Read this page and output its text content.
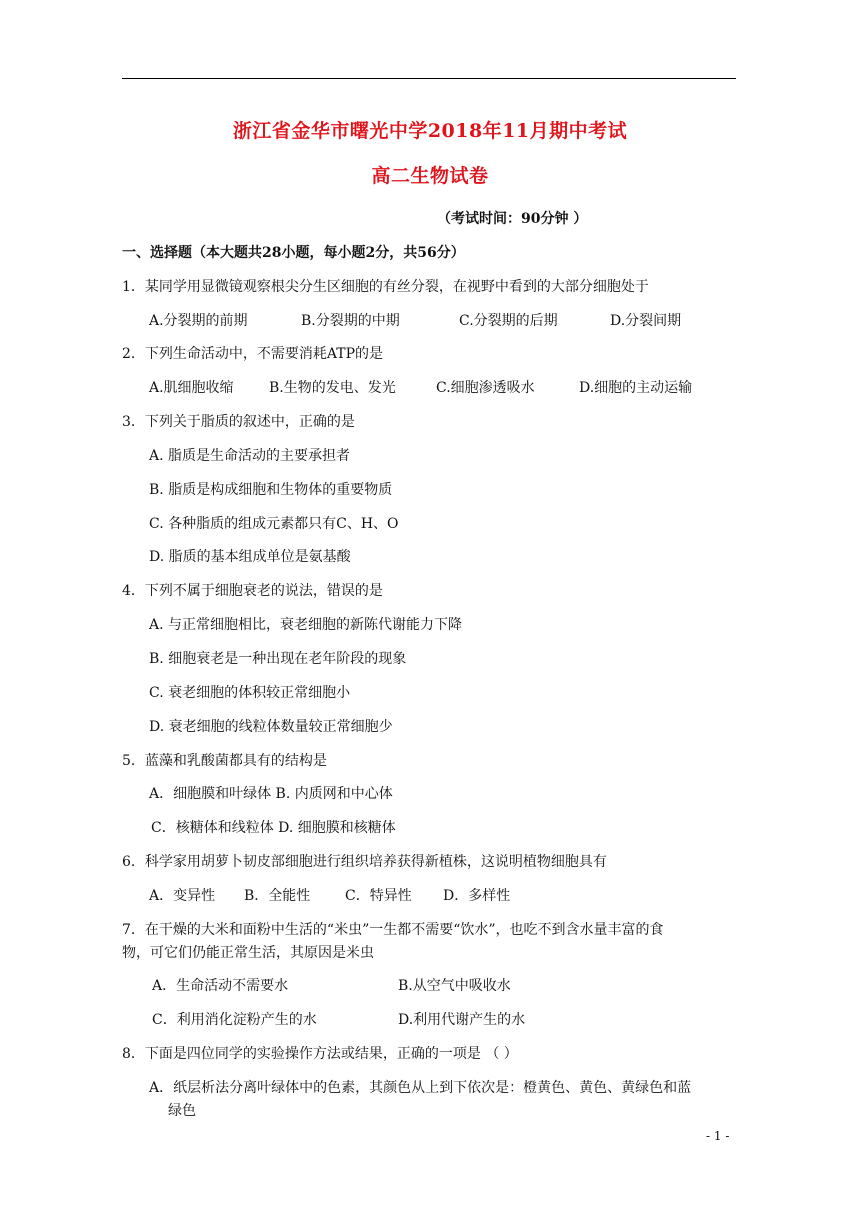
浙江省金华市曙光中学2018年11月期中考试
高二生物试卷
（考试时间：90分钟 ）
一、选择题（本大题共28小题，每小题2分，共56分）
1．某同学用显微镜观察根尖分生区细胞的有丝分裂，在视野中看到的大部分细胞处于
A.分裂期的前期	B.分裂期的中期	C.分裂期的后期	D.分裂间期
2．下列生命活动中，不需要消耗ATP的是
A.肌细胞收缩	B.生物的发电、发光	C.细胞渗透吸水	D.细胞的主动运输
3．下列关于脂质的叙述中，正确的是
A. 脂质是生命活动的主要承担者
B. 脂质是构成细胞和生物体的重要物质
C. 各种脂质的组成元素都只有C、H、O
D. 脂质的基本组成单位是氨基酸
4．下列不属于细胞衰老的说法，错误的是
A. 与正常细胞相比，衰老细胞的新陈代谢能力下降
B. 细胞衰老是一种出现在老年阶段的现象
C. 衰老细胞的体积较正常细胞小
D. 衰老细胞的线粒体数量较正常细胞少
5．蓝藻和乳酸菌都具有的结构是
A．细胞膜和叶绿体 B. 内质网和中心体
C．核糖体和线粒体 D. 细胞膜和核糖体
6．科学家用胡萝卜韧皮部细胞进行组织培养获得新植株，这说明植物细胞具有
A．变异性 B．全能性 C．特异性 D．多样性
7．在干燥的大米和面粉中生活的“米虫”一生都不需要“饮水”，也吃不到含水量丰富的食
物，可它们仍能正常生活，其原因是米虫
A．生命活动不需要水	B.从空气中吸收水
C．利用消化淀粉产生的水	D.利用代谢产生的水
8．下面是四位同学的实验操作方法或结果，正确的一项是 （ ）
A．纸层析法分离叶绿体中的色素，其颜色从上到下依次是：橙黄色、黄色、黄绿色和蓝
绿色
- 1 -
